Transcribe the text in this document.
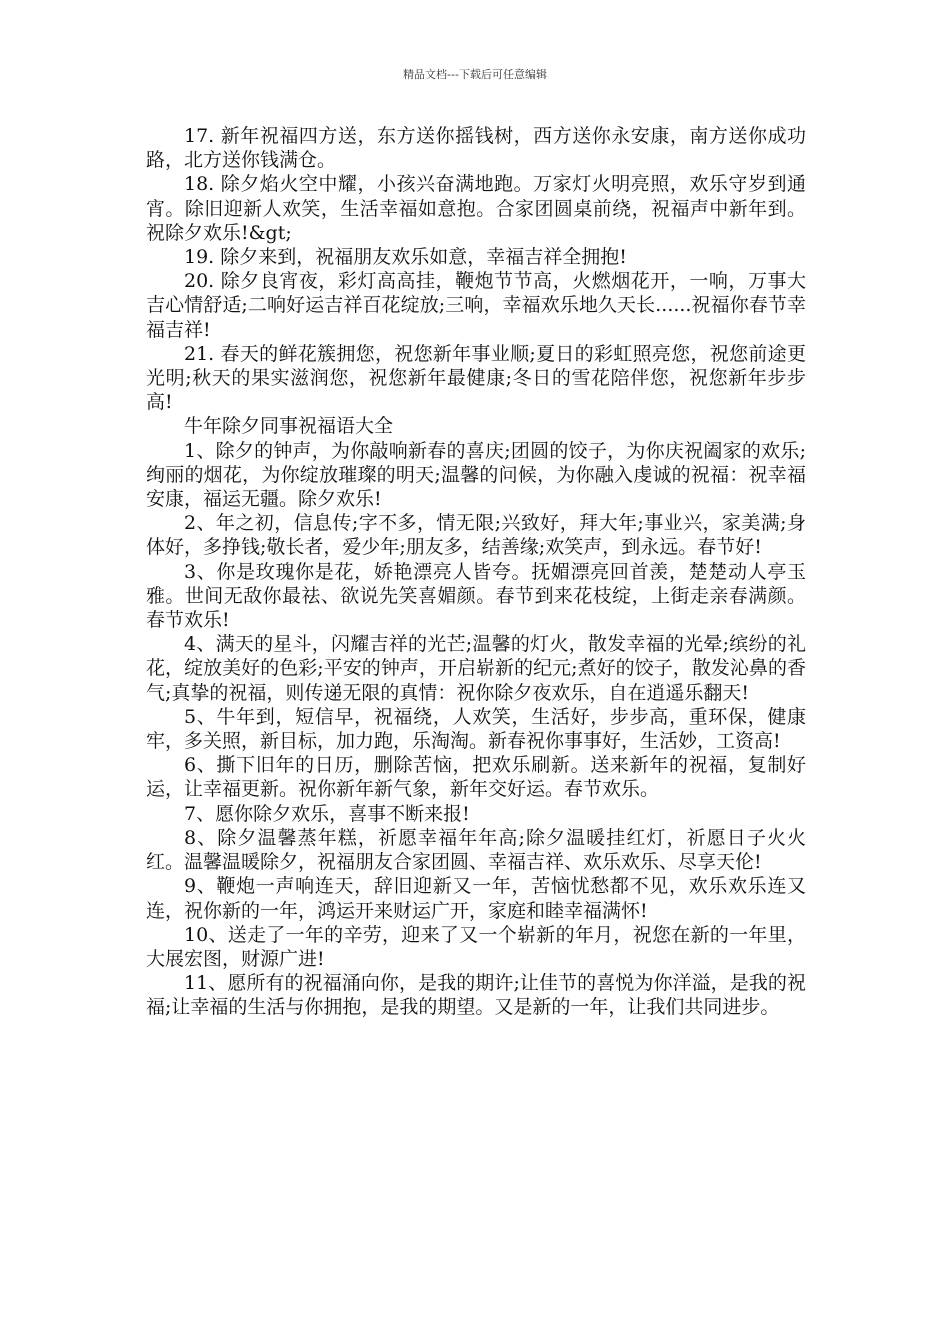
精品文档---下载后可任意编辑

17. 新年祝福四方送，东方送你摇钱树，西方送你永安康，南方送你成功路，北方送你钱满仓。

18. 除夕焰火空中耀，小孩兴奋满地跑。万家灯火明亮照，欢乐守岁到通宵。除旧迎新人欢笑，生活幸福如意抱。合家团圆桌前绕，祝福声中新年到。祝除夕欢乐!&gt;

19. 除夕来到，祝福朋友欢乐如意，幸福吉祥全拥抱!

20. 除夕良宵夜，彩灯高高挂，鞭炮节节高，火燃烟花开，一响，万事大吉心情舒适;二响好运吉祥百花绽放;三响，幸福欢乐地久天长......祝福你春节幸福吉祥!

21. 春天的鲜花簇拥您，祝您新年事业顺;夏日的彩虹照亮您，祝您前途更光明;秋天的果实滋润您，祝您新年最健康;冬日的雪花陪伴您，祝您新年步步高!

牛年除夕同事祝福语大全

1、除夕的钟声，为你敲响新春的喜庆;团圆的饺子，为你庆祝阖家的欢乐;绚丽的烟花，为你绽放璀璨的明天;温馨的问候，为你融入虔诚的祝福：祝幸福安康，福运无疆。除夕欢乐!

2、年之初，信息传;字不多，情无限;兴致好，拜大年;事业兴，家美满;身体好，多挣钱;敬长者，爱少年;朋友多，结善缘;欢笑声，到永远。春节好!

3、你是玫瑰你是花，娇艳漂亮人皆夸。抚媚漂亮回首羡，楚楚动人亭玉雅。世间无敌你最祛、欲说先笑喜媚颜。春节到来花枝绽，上街走亲春满颜。春节欢乐!

4、满天的星斗，闪耀吉祥的光芒;温馨的灯火，散发幸福的光晕;缤纷的礼花，绽放美好的色彩;平安的钟声，开启崭新的纪元;煮好的饺子，散发沁鼻的香气;真挚的祝福，则传递无限的真情：祝你除夕夜欢乐，自在逍遥乐翻天!

5、牛年到，短信早，祝福绕，人欢笑，生活好，步步高，重环保，健康牢，多关照，新目标，加力跑，乐淘淘。新春祝你事事好，生活妙，工资高!

6、撕下旧年的日历，删除苦恼，把欢乐刷新。送来新年的祝福，复制好运，让幸福更新。祝你新年新气象，新年交好运。春节欢乐。

7、愿你除夕欢乐，喜事不断来报!

8、除夕温馨蒸年糕，祈愿幸福年年高;除夕温暖挂红灯，祈愿日子火火红。温馨温暖除夕，祝福朋友合家团圆、幸福吉祥、欢乐欢乐、尽享天伦!

9、鞭炮一声响连天，辞旧迎新又一年，苦恼忧愁都不见，欢乐欢乐连又连，祝你新的一年，鸿运开来财运广开，家庭和睦幸福满怀!

10、送走了一年的辛劳，迎来了又一个崭新的年月，祝您在新的一年里，大展宏图，财源广进!

11、愿所有的祝福涌向你，是我的期许;让佳节的喜悦为你洋溢，是我的祝福;让幸福的生活与你拥抱，是我的期望。又是新的一年，让我们共同进步。
